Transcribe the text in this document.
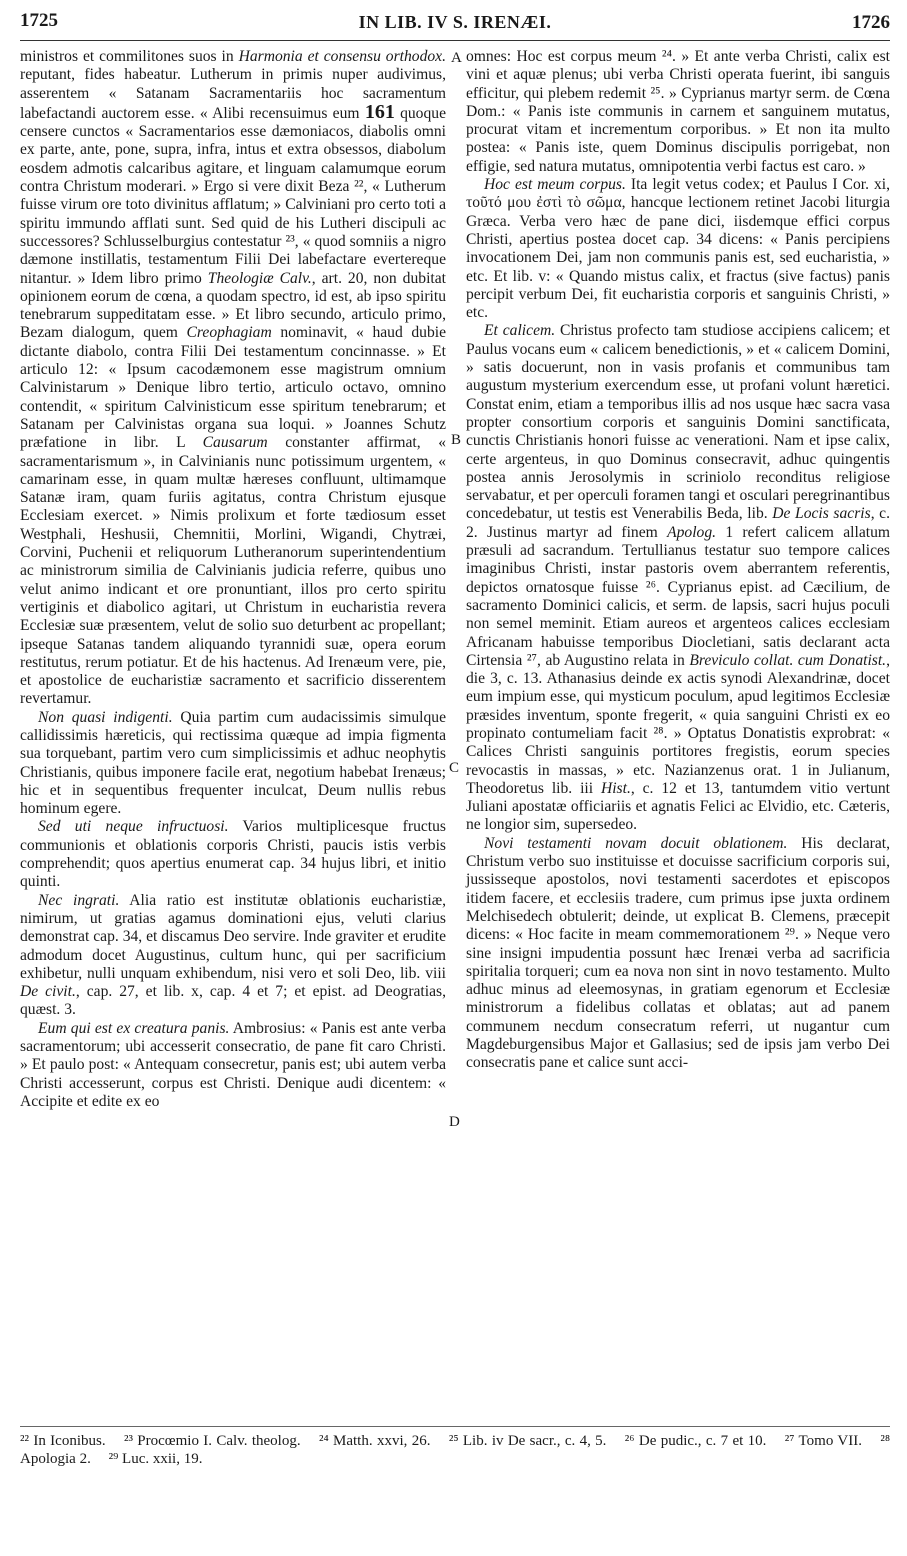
1725	IN LIB. IV S. IRENÆI.	1726
A
B
C
D

ministros et commilitones suos in Harmonia et consensu orthodox. reputant, fides habeatur. Lutherum in primis nuper audivimus, asserentem « Satanam Sacramentariis hoc sacramentum labefactandi auctorem esse. « Alibi recensuimus eum 161 quoque censere cunctos « Sacramentarios esse dæmoniacos, diabolis omni ex parte, ante, pone, supra, infra, intus et extra obsessos, diabolum eosdem admotis calcaribus agitare, et linguam calamumque eorum contra Christum moderari. » Ergo si vere dixit Beza ²², « Lutherum fuisse virum ore toto divinitus afflatum; » Calviniani pro certo toti a spiritu immundo afflati sunt. Sed quid de his Lutheri discipuli ac successores? Schlusselburgius contestatur ²³, « quod somniis a nigro dæmone instillatis, testamentum Filii Dei labefactare evertereque nitantur. » Idem libro primo Theologiæ Calv., art. 20, non dubitat opinionem eorum de cœna, a quodam spectro, id est, ab ipso spiritu tenebrarum suppeditatam esse. » Et libro secundo, articulo primo, Bezam dialogum, quem Creophagiam nominavit, « haud dubie dictante diabolo, contra Filii Dei testamentum concinnasse. » Et articulo 12: « Ipsum cacodæmonem esse magistrum omnium Calvinistarum » Denique libro tertio, articulo octavo, omnino contendit, « spiritum Calvinisticum esse spiritum tenebrarum; et Satanam per Calvinistas organa sua loqui. » Joannes Schutz præfatione in libr. L Causarum constanter affirmat, « sacramentarismum », in Calvinianis nunc potissimum urgentem, « camarinam esse, in quam multæ hæreses confluunt, ultimamque Satanæ iram, quam furiis agitatus, contra Christum ejusque Ecclesiam exercet. » Nimis prolixum et forte tædiosum esset Westphali, Heshusii, Chemnitii, Morlini, Wigandi, Chytræi, Corvini, Puchenii et reliquorum Lutheranorum superintendentium ac ministrorum similia de Calvinianis judicia referre, quibus uno velut animo indicant et ore pronuntiant, illos pro certo spiritu vertiginis et diabolico agitari, ut Christum in eucharistia revera Ecclesiæ suæ præsentem, velut de solio suo deturbent ac propellant; ipseque Satanas tandem aliquando tyrannidi suæ, opera eorum restitutus, rerum potiatur. Et de his hactenus. Ad Irenæum vere, pie, et apostolice de eucharistiæ sacramento et sacrificio disserentem revertamur.

Non quasi indigenti. Quia partim cum audacissimis simulque callidissimis hæreticis, qui rectissima quæque ad impia figmenta sua torquebant, partim vero cum simplicissimis et adhuc neophytis Christianis, quibus imponere facile erat, negotium habebat Irenæus; hic et in sequentibus frequenter inculcat, Deum nullis rebus hominum egere.

Sed uti neque infructuosi. Varios multiplicesque fructus communionis et oblationis corporis Christi, paucis istis verbis comprehendit; quos apertius enumerat cap. 34 hujus libri, et initio quinti.

Nec ingrati. Alia ratio est institutæ oblationis eucharistiæ, nimirum, ut gratias agamus dominationi ejus, veluti clarius demonstrat cap. 34, et discamus Deo servire. Inde graviter et erudite admodum docet Augustinus, cultum hunc, qui per sacrificium exhibetur, nulli unquam exhibendum, nisi vero et soli Deo, lib. viii De civit., cap. 27, et lib. x, cap. 4 et 7; et epist. ad Deogratias, quæst. 3.

Eum qui est ex creatura panis. Ambrosius: « Panis est ante verba sacramentorum; ubi accesserit consecratio, de pane fit caro Christi. » Et paulo post: « Antequam consecretur, panis est; ubi autem verba Christi accesserunt, corpus est Christi. Denique audi dicentem: « Accipite et edite ex eo

omnes: Hoc est corpus meum ²⁴. » Et ante verba Christi, calix est vini et aquæ plenus; ubi verba Christi operata fuerint, ibi sanguis efficitur, qui plebem redemit ²⁵. » Cyprianus martyr serm. de Cœna Dom.: « Panis iste communis in carnem et sanguinem mutatus, procurat vitam et incrementum corporibus. » Et non ita multo postea: « Panis iste, quem Dominus discipulis porrigebat, non effigie, sed natura mutatus, omnipotentia verbi factus est caro. »

Hoc est meum corpus. Ita legit vetus codex; et Paulus I Cor. xi, τοῦτό μου ἐστὶ τὸ σῶμα, hancque lectionem retinet Jacobi liturgia Græca. Verba vero hæc de pane dici, iisdemque effici corpus Christi, apertius postea docet cap. 34 dicens: « Panis percipiens invocationem Dei, jam non communis panis est, sed eucharistia, » etc. Et lib. v: « Quando mistus calix, et fractus (sive factus) panis percipit verbum Dei, fit eucharistia corporis et sanguinis Christi, » etc.

Et calicem. Christus profecto tam studiose accipiens calicem; et Paulus vocans eum « calicem benedictionis, » et « calicem Domini, » satis docuerunt, non in vasis profanis et communibus tam augustum mysterium exercendum esse, ut profani volunt hæretici. Constat enim, etiam a temporibus illis ad nos usque hæc sacra vasa propter consortium corporis et sanguinis Domini sanctificata, cunctis Christianis honori fuisse ac venerationi. Nam et ipse calix, certe argenteus, in quo Dominus consecravit, adhuc quingentis postea annis Jerosolymis in scriniolo reconditus religiose servabatur, et per operculi foramen tangi et osculari peregrinantibus concedebatur, ut testis est Venerabilis Beda, lib. De Locis sacris, c. 2. Justinus martyr ad finem Apolog. 1 refert calicem allatum præsuli ad sacrandum. Tertullianus testatur suo tempore calices imaginibus Christi, instar pastoris ovem aberrantem referentis, depictos ornatosque fuisse ²⁶. Cyprianus epist. ad Cæcilium, de sacramento Dominici calicis, et serm. de lapsis, sacri hujus poculi non semel meminit. Etiam aureos et argenteos calices ecclesiam Africanam habuisse temporibus Diocletiani, satis declarant acta Cirtensia ²⁷, ab Augustino relata in Breviculo collat. cum Donatist., die 3, c. 13. Athanasius deinde ex actis synodi Alexandrinæ, docet eum impium esse, qui mysticum poculum, apud legitimos Ecclesiæ præsides inventum, sponte fregerit, « quia sanguini Christi ex eo propinato contumeliam facit ²⁸. » Optatus Donatistis exprobrat: « Calices Christi sanguinis portitores fregistis, eorum species revocastis in massas, » etc. Nazianzenus orat. 1 in Julianum, Theodoretus lib. iii Hist., c. 12 et 13, tantumdem vitio vertunt Juliani apostatæ officiariis et agnatis Felici ac Elvidio, etc. Cæteris, ne longior sim, supersedeo.

Novi testamenti novam docuit oblationem. His declarat, Christum verbo suo instituisse et docuisse sacrificium corporis sui, jussisseque apostolos, novi testamenti sacerdotes et episcopos itidem facere, et ecclesiis tradere, cum primus ipse juxta ordinem Melchisedech obtulerit; deinde, ut explicat B. Clemens, præcepit dicens: « Hoc facite in meam commemorationem ²⁹. » Neque vero sine insigni impudentia possunt hæc Irenæi verba ad sacrificia spiritalia torqueri; cum ea nova non sint in novo testamento. Multo adhuc minus ad eleemosynas, in gratiam egenorum et Ecclesiæ ministrorum a fidelibus collatas et oblatas; aut ad panem communem necdum consecratum referri, ut nugantur cum Magdeburgensibus Major et Gallasius; sed de ipsis jam verbo Dei consecratis pane et calice sunt acci-

²² In Iconibus. ²³ Procœmio I. Calv. theolog. ²⁴ Matth. xxvi, 26. ²⁵ Lib. iv De sacr., c. 4, 5. ²⁶ De pudic., c. 7 et 10. ²⁷ Tomo VII. ²⁸ Apologia 2. ²⁹ Luc. xxii, 19.
